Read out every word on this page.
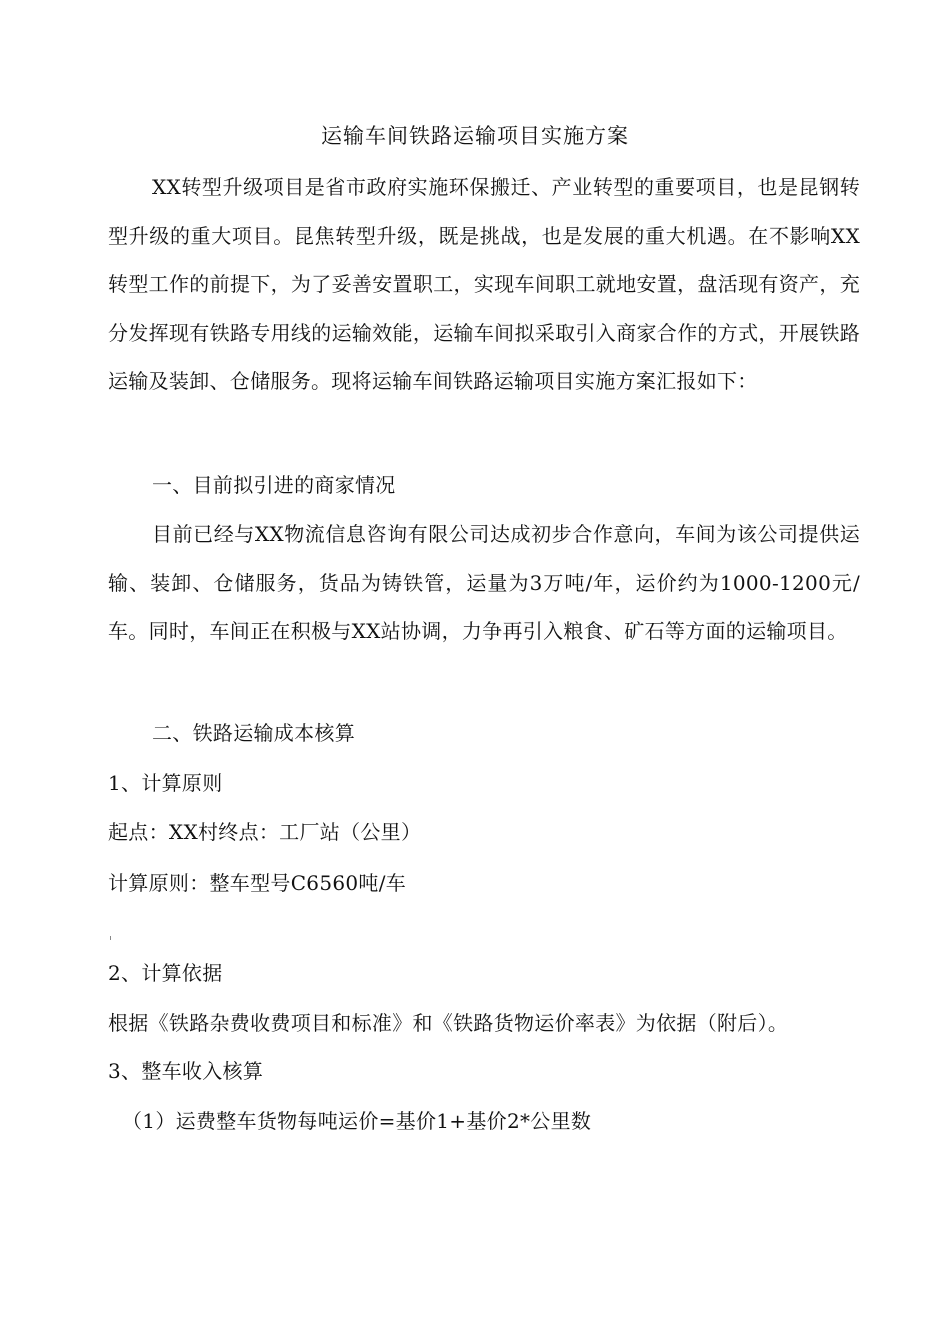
运输车间铁路运输项目实施方案

XX转型升级项目是省市政府实施环保搬迁、产业转型的重要项目，也是昆钢转型升级的重大项目。昆焦转型升级，既是挑战，也是发展的重大机遇。在不影响XX转型工作的前提下，为了妥善安置职工，实现车间职工就地安置，盘活现有资产，充分发挥现有铁路专用线的运输效能，运输车间拟采取引入商家合作的方式，开展铁路运输及装卸、仓储服务。现将运输车间铁路运输项目实施方案汇报如下：

一、目前拟引进的商家情况

目前已经与XX物流信息咨询有限公司达成初步合作意向，车间为该公司提供运输、装卸、仓储服务，货品为铸铁管，运量为3万吨/年，运价约为1000-1200元/车。同时，车间正在积极与XX站协调，力争再引入粮食、矿石等方面的运输项目。

二、铁路运输成本核算

1、计算原则
起点：XX村终点：工厂站（公里）
计算原则：整车型号C6560吨/车
2、计算依据
根据《铁路杂费收费项目和标准》和《铁路货物运价率表》为依据（附后）。
3、整车收入核算
（1）运费整车货物每吨运价=基价1+基价2*公里数
